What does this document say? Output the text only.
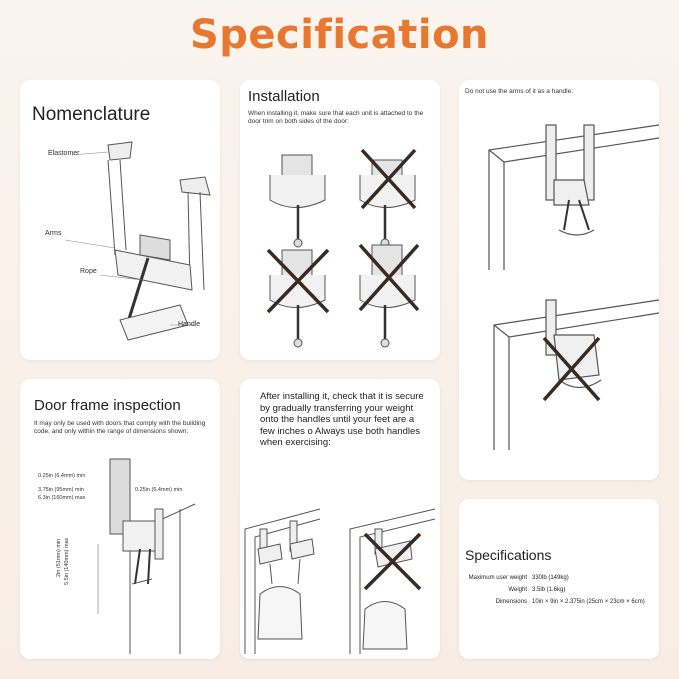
Specification
Nomenclature
Elastomer
Arms
Rope
Handle
Installation
When installing it, make sure that each unit is attached to the door trim on both sides of the door:
Do not use the arms of it as a handle:
Door frame inspection
It may only be used with doors that comply with the building code, and only within the range of dimensions shown:
0.25in (6.4mm) min
0.25in (6.4mm) min
3.75in (95mm) min
6.3in (160mm) max
2in (51mm) min 5.5in (140mm) max
After installing it, check that it is secure by gradually transferring your weight onto the handles until your feet are a few inches o Always use both handles when exercising:
Specifications
Maximum user weight 330lb (149kg)
Weight 3.5lb (1.6kg)
Dimensions 10in × 9in × 2.375in (25cm × 23cm × 6cm)
